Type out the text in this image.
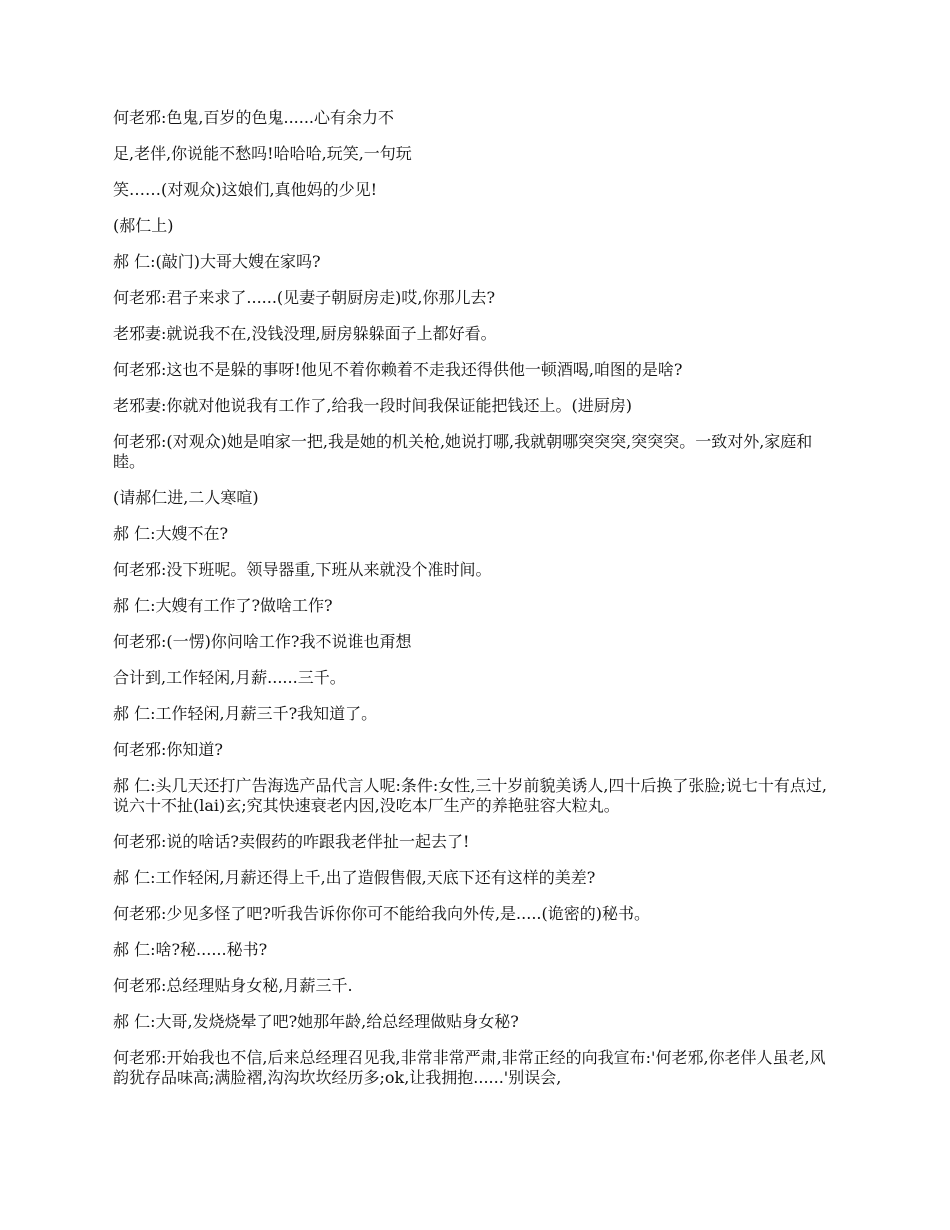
何老邪:色鬼,百岁的色鬼......心有余力不

足,老伴,你说能不愁吗!哈哈哈,玩笑,一句玩

笑……(对观众)这娘们,真他妈的少见!

(郝仁上)

郝 仁:(敲门)大哥大嫂在家吗?

何老邪:君子来求了......(见妻子朝厨房走)哎,你那儿去?

老邪妻:就说我不在,没钱没理,厨房躲躲面子上都好看。

何老邪:这也不是躲的事呀!他见不着你赖着不走我还得供他一顿酒喝,咱图的是啥?

老邪妻:你就对他说我有工作了,给我一段时间我保证能把钱还上。(进厨房)

何老邪:(对观众)她是咱家一把,我是她的机关枪,她说打哪,我就朝哪突突突,突突突。一致对外,家庭和睦。

(请郝仁进,二人寒喧)

郝 仁:大嫂不在?

何老邪:没下班呢。领导器重,下班从来就没个准时间。

郝 仁:大嫂有工作了?做啥工作?

何老邪:(一愣)你问啥工作?我不说谁也甭想

合计到,工作轻闲,月薪......三千。

郝 仁:工作轻闲,月薪三千?我知道了。

何老邪:你知道?

郝 仁:头几天还打广告海选产品代言人呢:条件:女性,三十岁前貌美诱人,四十后换了张脸;说七十有点过,说六十不扯(lai)玄;究其快速衰老内因,没吃本厂生产的养艳驻容大粒丸。

何老邪:说的啥话?卖假药的咋跟我老伴扯一起去了!

郝 仁:工作轻闲,月薪还得上千,出了造假售假,天底下还有这样的美差?

何老邪:少见多怪了吧?听我告诉你你可不能给我向外传,是.....(诡密的)秘书。

郝 仁:啥?秘......秘书?

何老邪:总经理贴身女秘,月薪三千.

郝 仁:大哥,发烧烧晕了吧?她那年龄,给总经理做贴身女秘?

何老邪:开始我也不信,后来总经理召见我,非常非常严肃,非常正经的向我宣布:'何老邪,你老伴人虽老,风韵犹存品味高;满脸褶,沟沟坎坎经历多;ok,让我拥抱......'别误会,
